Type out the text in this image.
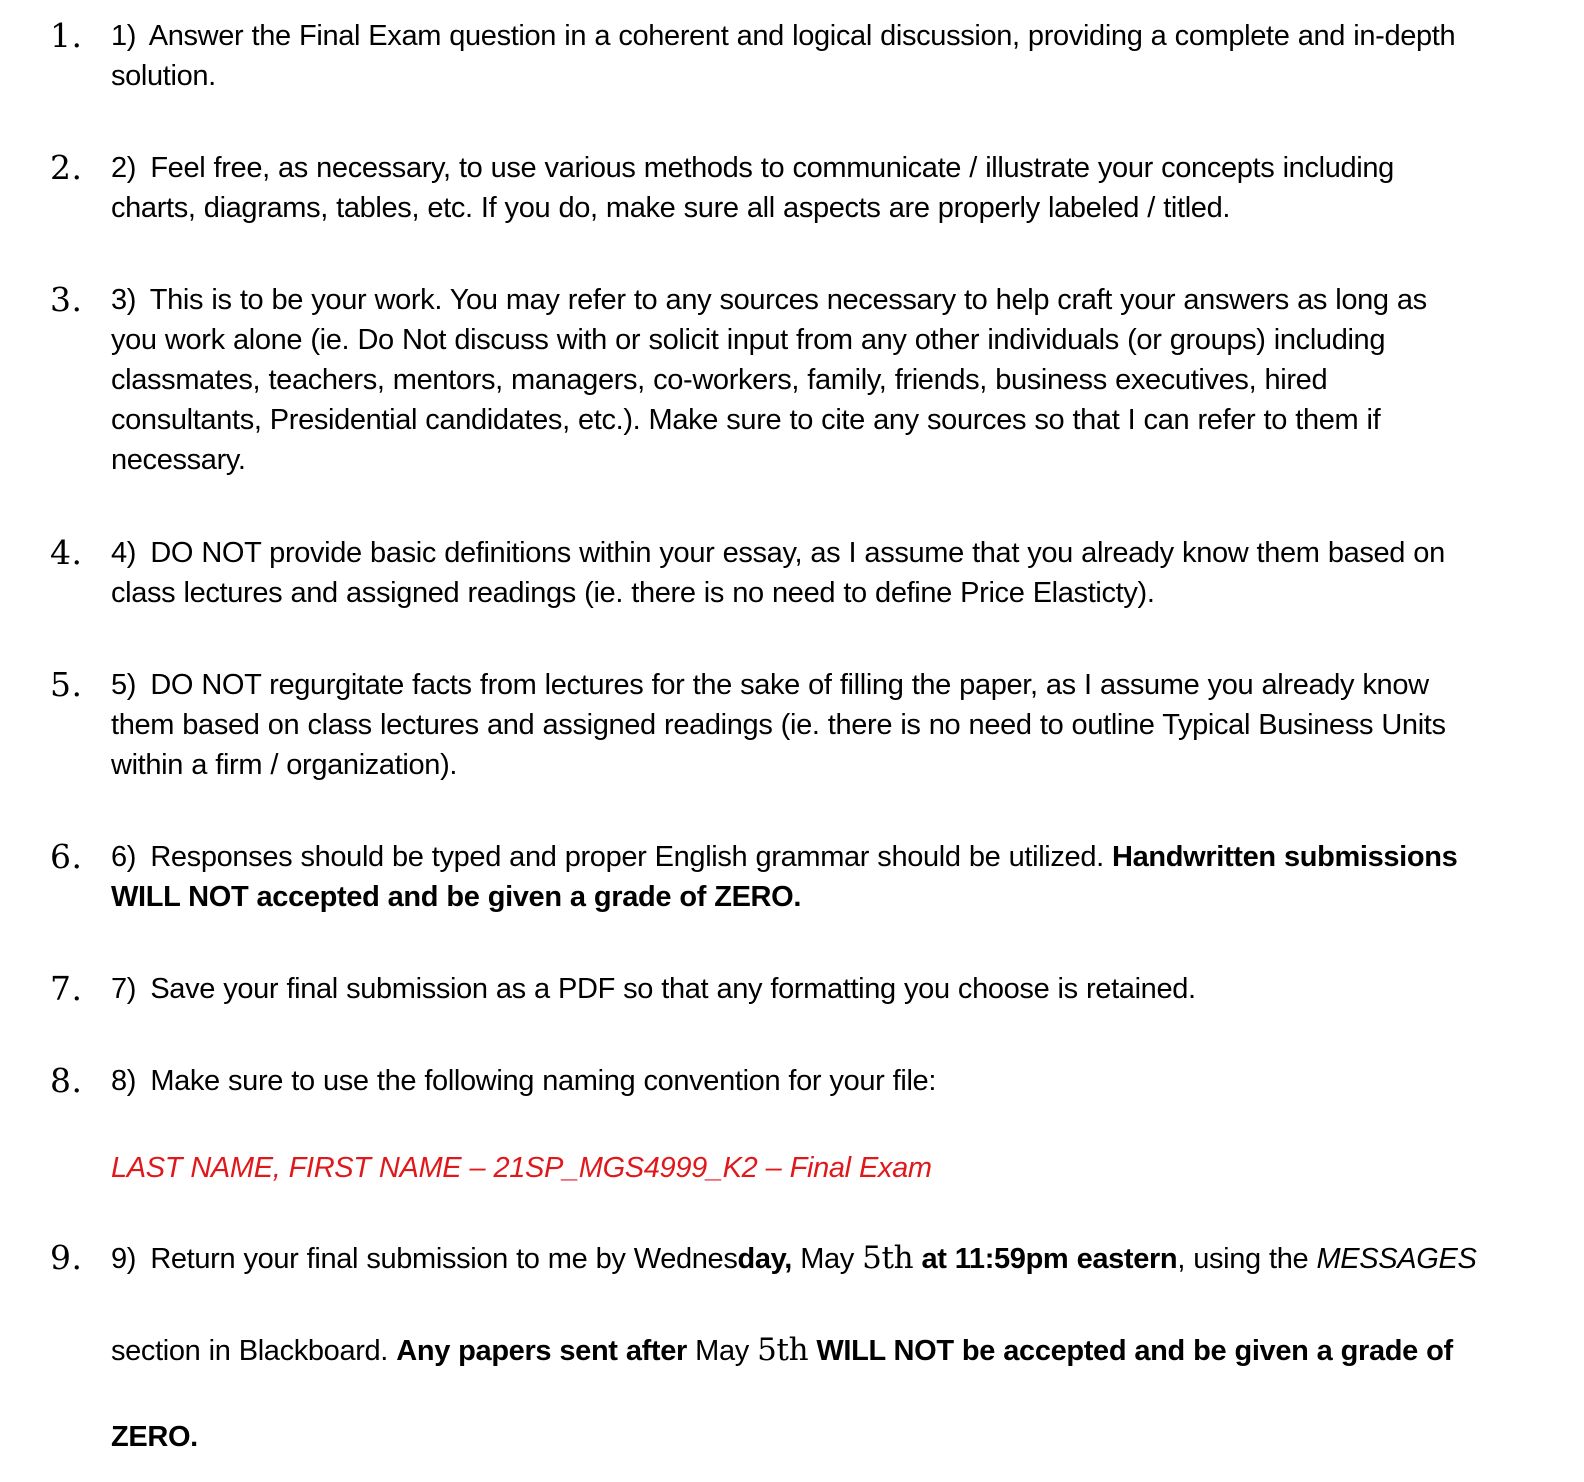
1. 1) Answer the Final Exam question in a coherent and logical discussion, providing a complete and in-depth
solution.
2. 2) Feel free, as necessary, to use various methods to communicate / illustrate your concepts including
charts, diagrams, tables, etc. If you do, make sure all aspects are properly labeled / titled.
3. 3) This is to be your work. You may refer to any sources necessary to help craft your answers as long as
you work alone (ie. Do Not discuss with or solicit input from any other individuals (or groups) including
classmates, teachers, mentors, managers, co-workers, family, friends, business executives, hired
consultants, Presidential candidates, etc.). Make sure to cite any sources so that I can refer to them if
necessary.
4. 4) DO NOT provide basic definitions within your essay, as I assume that you already know them based on
class lectures and assigned readings (ie. there is no need to define Price Elasticty).
5. 5) DO NOT regurgitate facts from lectures for the sake of filling the paper, as I assume you already know
them based on class lectures and assigned readings (ie. there is no need to outline Typical Business Units
within a firm / organization).
6. 6) Responses should be typed and proper English grammar should be utilized. Handwritten submissions
WILL NOT accepted and be given a grade of ZERO.
7. 7) Save your final submission as a PDF so that any formatting you choose is retained.
8. 8) Make sure to use the following naming convention for your file:
LAST NAME, FIRST NAME – 21SP_MGS4999_K2 – Final Exam
9. 9) Return your final submission to me by Wednesday, May 5th at 11:59pm eastern, using the MESSAGES
section in Blackboard. Any papers sent after May 5th WILL NOT be accepted and be given a grade of
ZERO.
